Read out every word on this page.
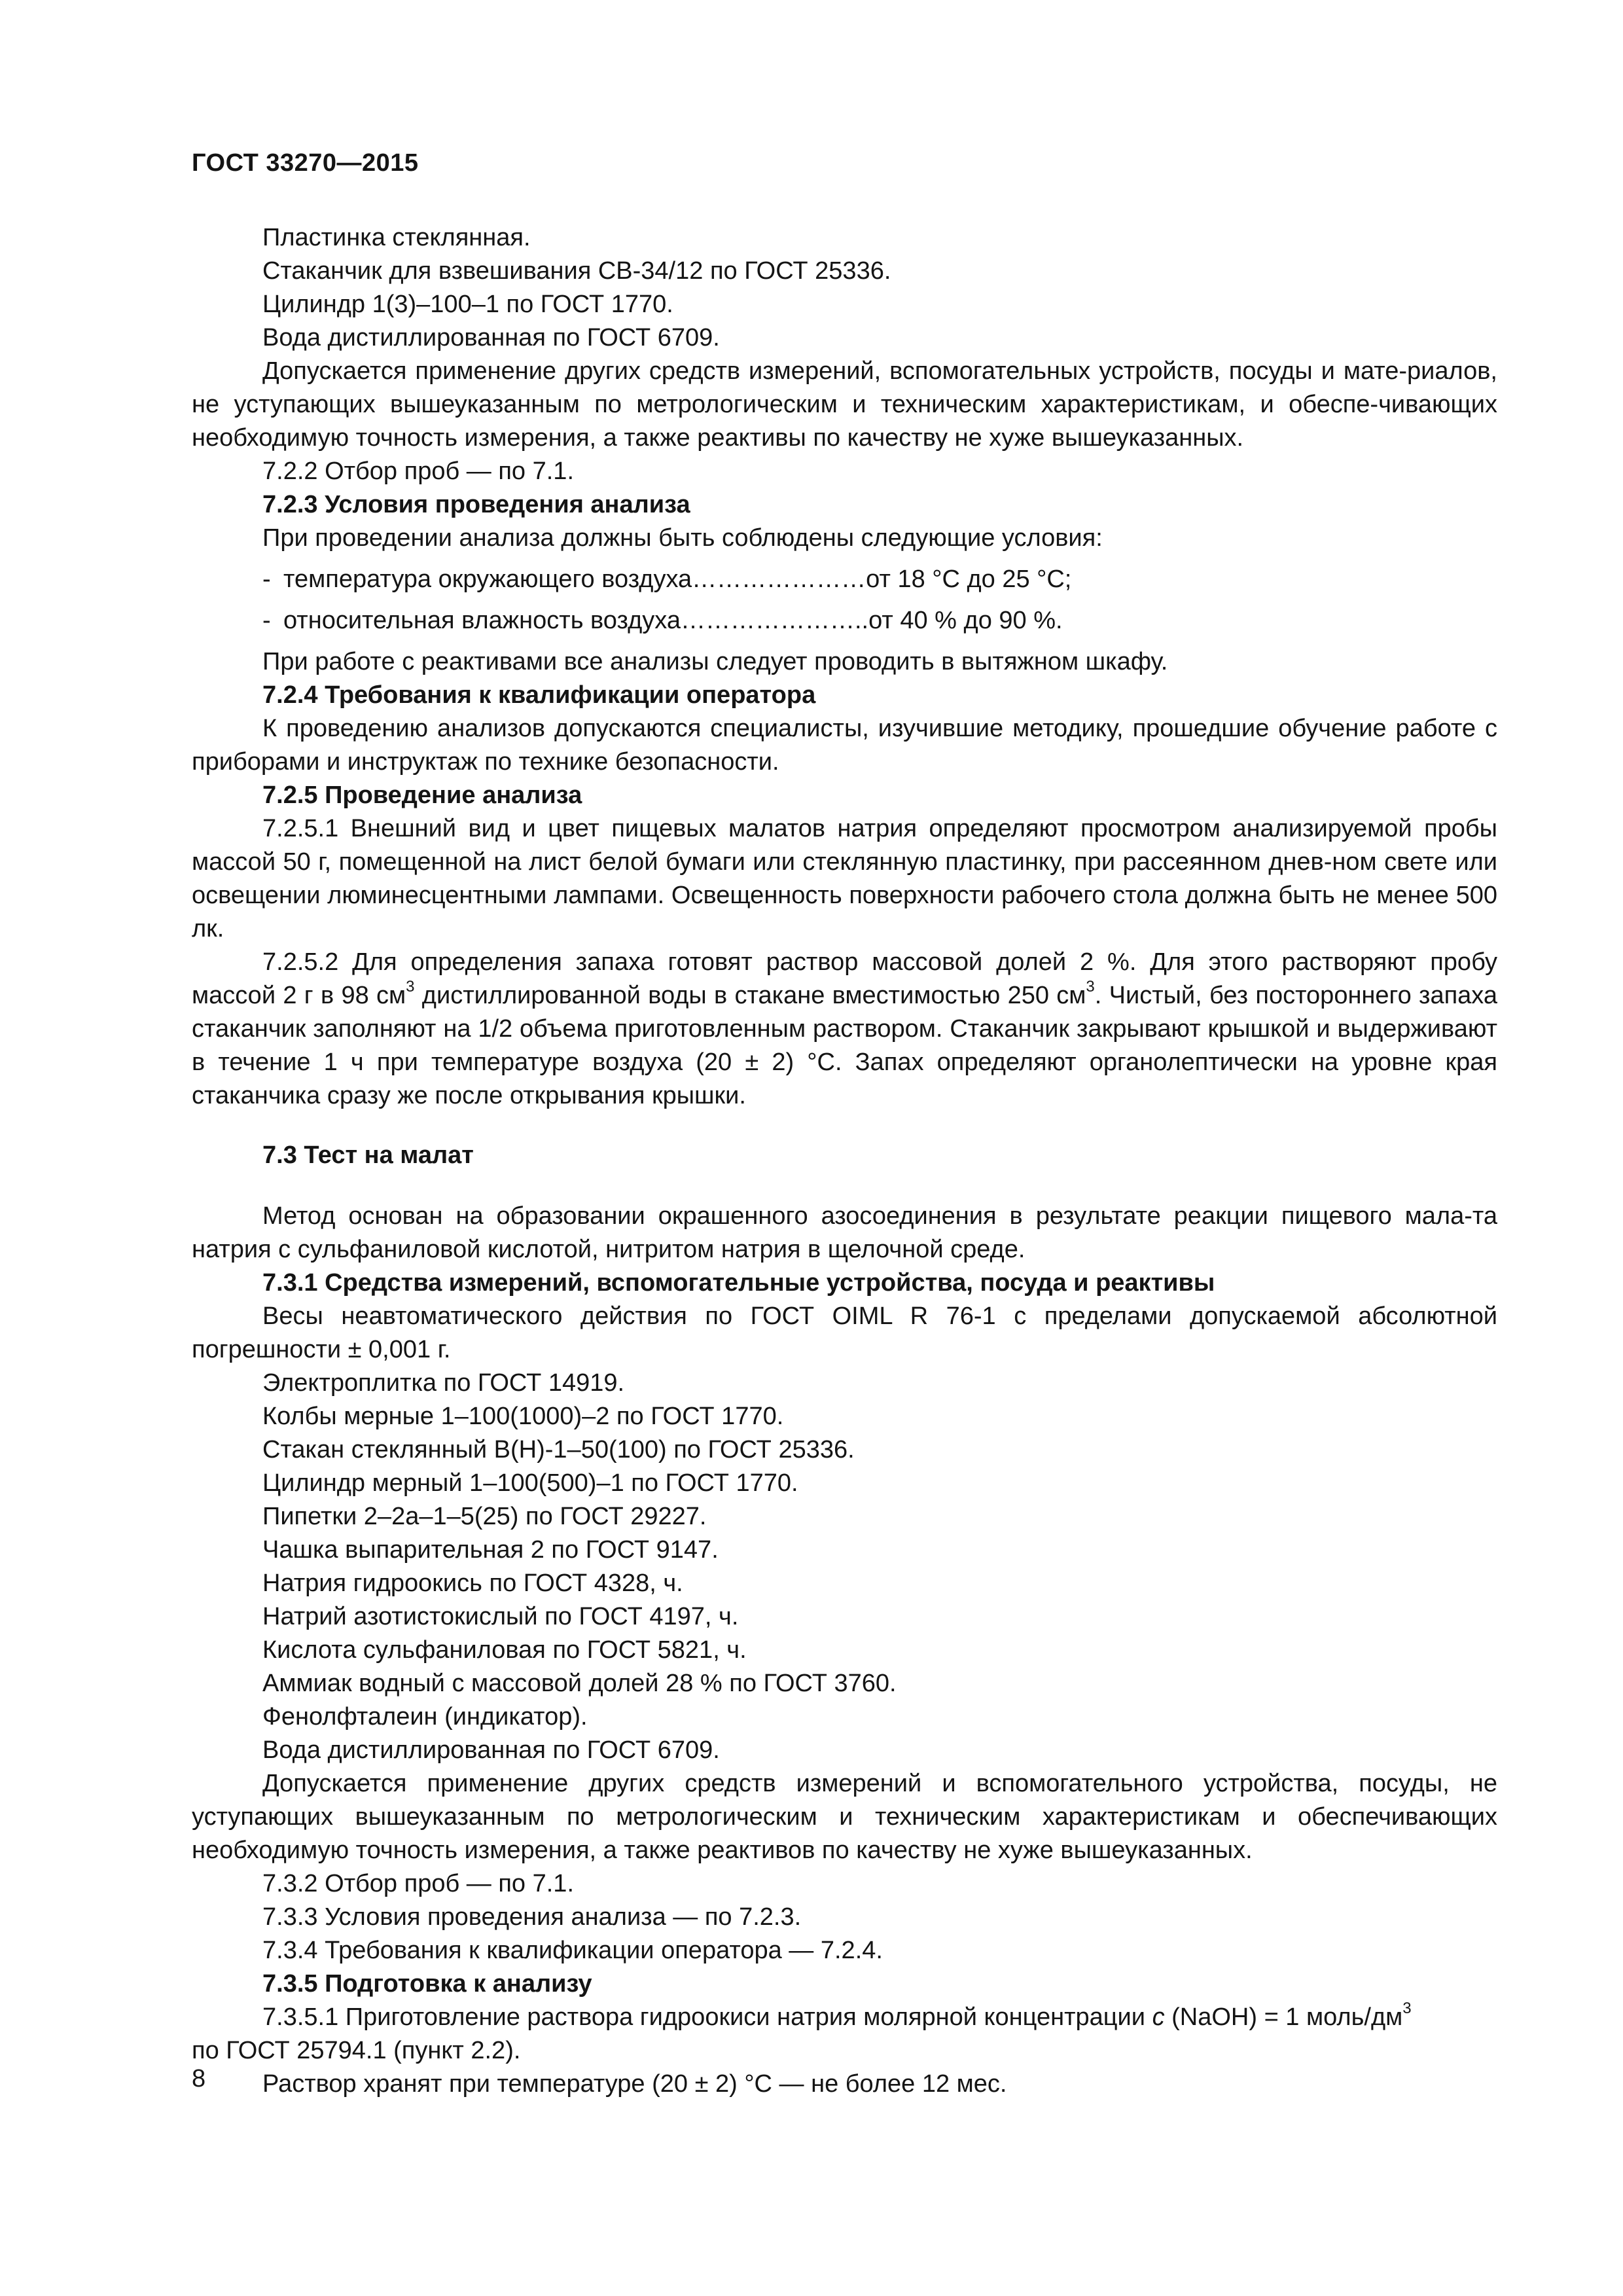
ГОСТ 33270—2015

Пластинка стеклянная.

Стаканчик для взвешивания СВ-34/12 по ГОСТ 25336.

Цилиндр 1(3)–100–1 по ГОСТ 1770.

Вода дистиллированная по ГОСТ 6709.

Допускается применение других средств измерений, вспомогательных устройств, посуды и мате-риалов, не уступающих вышеуказанным по метрологическим и техническим характеристикам, и обеспе-чивающих необходимую точность измерения, а также реактивы по качеству не хуже вышеуказанных.

7.2.2 Отбор проб — по 7.1.

7.2.3 Условия проведения анализа

При проведении анализа должны быть соблюдены следующие условия:

- температура окружающего воздуха…………………от 18 °С до 25 °С;
- относительная влажность воздуха…………………..от 40 % до 90 %.

При работе с реактивами все анализы следует проводить в вытяжном шкафу.

7.2.4 Требования к квалификации оператора

К проведению анализов допускаются специалисты, изучившие методику, прошедшие обучение работе с приборами и инструктаж по технике безопасности.

7.2.5 Проведение анализа

7.2.5.1 Внешний вид и цвет пищевых малатов натрия определяют просмотром анализируемой пробы массой 50 г, помещенной на лист белой бумаги или стеклянную пластинку, при рассеянном днев-ном свете или освещении люминесцентными лампами. Освещенность поверхности рабочего стола должна быть не менее 500 лк.

7.2.5.2 Для определения запаха готовят раствор массовой долей 2 %. Для этого растворяют пробу массой 2 г в 98 $см^3$ дистиллированной воды в стакане вместимостью 250 $см^3$. Чистый, без постороннего запаха стаканчик заполняют на 1/2 объема приготовленным раствором. Стаканчик закрывают крышкой и выдерживают в течение 1 ч при температуре воздуха (20 ± 2) °С. Запах определяют органолептически на уровне края стаканчика сразу же после открывания крышки.

7.3 Тест на малат

Метод основан на образовании окрашенного азосоединения в результате реакции пищевого мала-та натрия с сульфаниловой кислотой, нитритом натрия в щелочной среде.

7.3.1 Средства измерений, вспомогательные устройства, посуда и реактивы

Весы неавтоматического действия по ГОСТ OIML R 76-1 с пределами допускаемой абсолютной погрешности ± 0,001 г.

Электроплитка по ГОСТ 14919.

Колбы мерные 1–100(1000)–2 по ГОСТ 1770.

Стакан стеклянный В(Н)-1–50(100) по ГОСТ 25336.

Цилиндр мерный 1–100(500)–1 по ГОСТ 1770.

Пипетки 2–2а–1–5(25) по ГОСТ 29227.

Чашка выпарительная 2 по ГОСТ 9147.

Натрия гидроокись по ГОСТ 4328, ч.

Натрий азотистокислый по ГОСТ 4197, ч.

Кислота сульфаниловая по ГОСТ 5821, ч.

Аммиак водный с массовой долей 28 % по ГОСТ 3760.

Фенолфталеин (индикатор).

Вода дистиллированная по ГОСТ 6709.

Допускается применение других средств измерений и вспомогательного устройства, посуды, не уступающих вышеуказанным по метрологическим и техническим характеристикам и обеспечивающих необходимую точность измерения, а также реактивов по качеству не хуже вышеуказанных.

7.3.2 Отбор проб — по 7.1.

7.3.3 Условия проведения анализа — по 7.2.3.

7.3.4 Требования к квалификации оператора — 7.2.4.

7.3.5 Подготовка к анализу

7.3.5.1 Приготовление раствора гидроокиси натрия молярной концентрации с (NaOH) = 1 моль/$дм^3$

по ГОСТ 25794.1 (пункт 2.2).

Раствор хранят при температуре (20 ± 2) °С — не более 12 мес.

8
